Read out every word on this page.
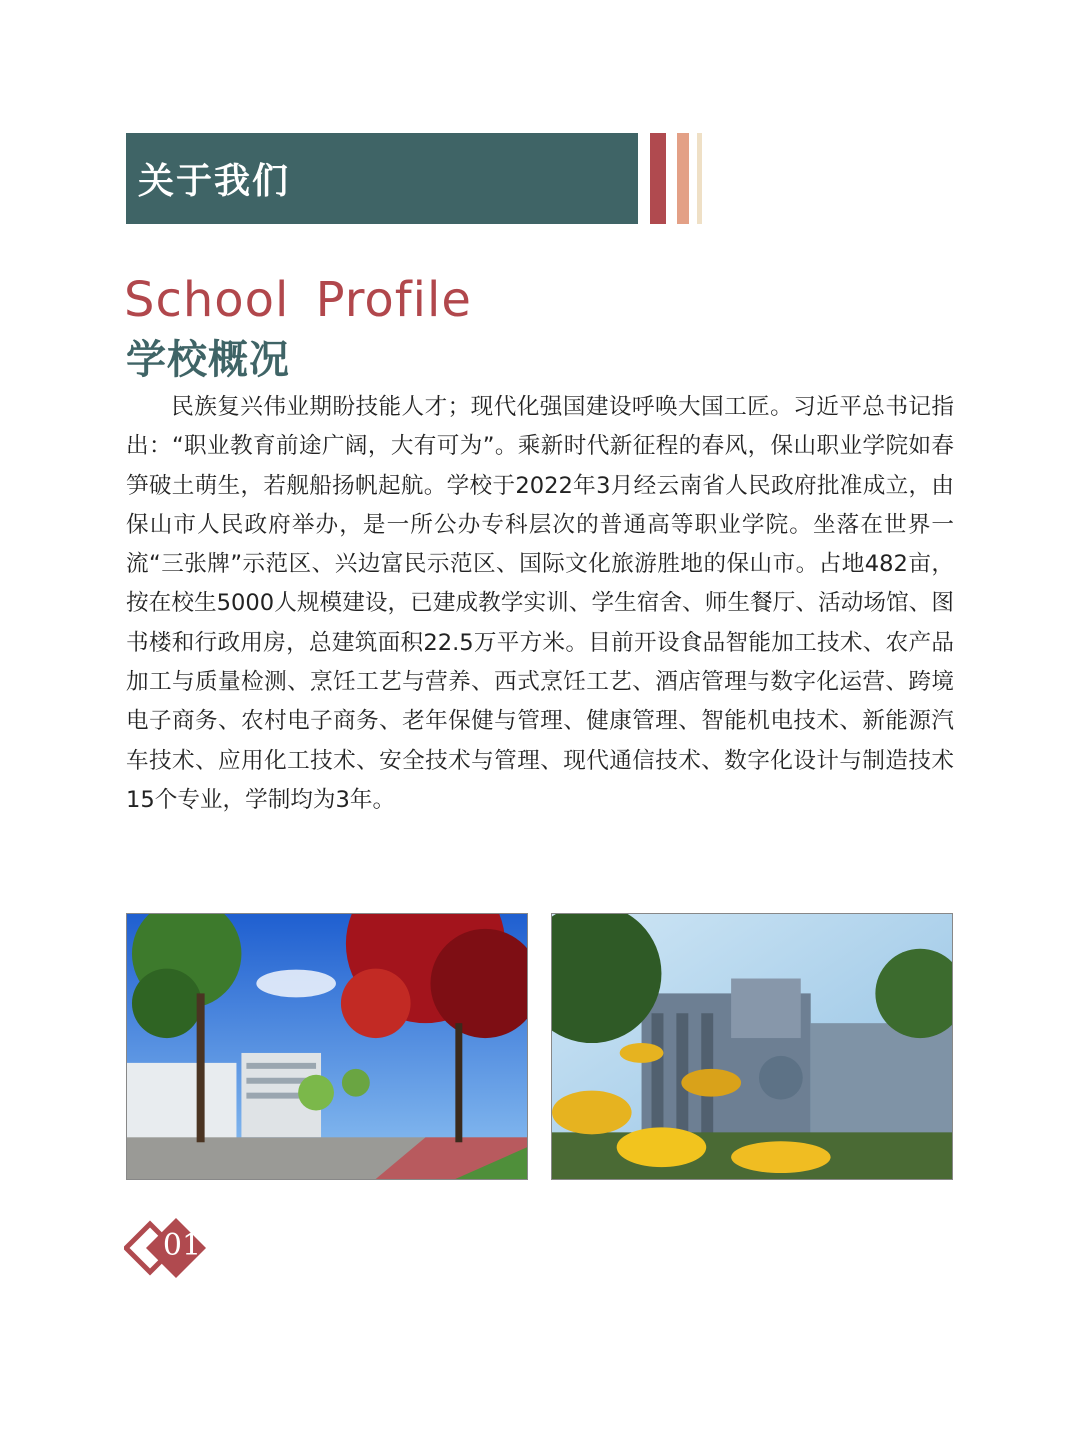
关于我们
School Profile
学校概况

民族复兴伟业期盼技能人才；现代化强国建设呼唤大国工匠。习近平总书记指出：“职业教育前途广阔，大有可为”。乘新时代新征程的春风，保山职业学院如春笋破土萌生，若舰船扬帆起航。学校于2022年3月经云南省人民政府批准成立，由保山市人民政府举办，是一所公办专科层次的普通高等职业学院。坐落在世界一流“三张牌”示范区、兴边富民示范区、国际文化旅游胜地的保山市。占地482亩，按在校生5000人规模建设，已建成教学实训、学生宿舍、师生餐厅、活动场馆、图书楼和行政用房，总建筑面积22.5万平方米。目前开设食品智能加工技术、农产品加工与质量检测、烹饪工艺与营养、西式烹饪工艺、酒店管理与数字化运营、跨境电子商务、农村电子商务、老年保健与管理、健康管理、智能机电技术、新能源汽车技术、应用化工技术、安全技术与管理、现代通信技术、数字化设计与制造技术15个专业，学制均为3年。

01
